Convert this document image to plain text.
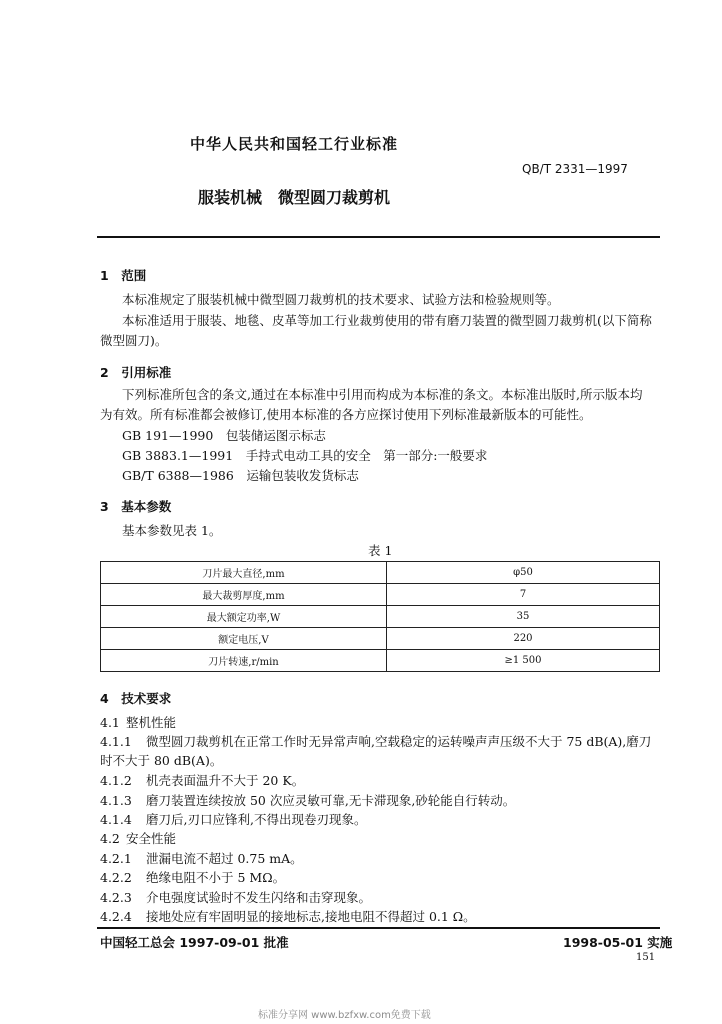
中华人民共和国轻工行业标准
QB/T 2331—1997
服装机械　微型圆刀裁剪机
1　范围
本标准规定了服装机械中微型圆刀裁剪机的技术要求、试验方法和检验规则等。
本标准适用于服装、地毯、皮革等加工行业裁剪使用的带有磨刀装置的微型圆刀裁剪机(以下简称
微型圆刀)。
2　引用标准
下列标准所包含的条文,通过在本标准中引用而构成为本标准的条文。本标准出版时,所示版本均
为有效。所有标准都会被修订,使用本标准的各方应探讨使用下列标准最新版本的可能性。
GB 191—1990　包装储运图示标志
GB 3883.1—1991　手持式电动工具的安全　第一部分:一般要求
GB/T 6388—1986　运输包装收发货标志
3　基本参数
基本参数见表 1。
表 1
刀片最大直径,mm	φ50
最大裁剪厚度,mm	7
最大额定功率,W	35
额定电压,V	220
刀片转速,r/min	≥1 500
4　技术要求
4.1 整机性能
4.1.1 微型圆刀裁剪机在正常工作时无异常声响,空载稳定的运转噪声声压级不大于 75 dB(A),磨刀
时不大于 80 dB(A)。
4.1.2 机壳表面温升不大于 20 K。
4.1.3 磨刀装置连续按放 50 次应灵敏可靠,无卡滞现象,砂轮能自行转动。
4.1.4 磨刀后,刃口应锋利,不得出现卷刃现象。
4.2 安全性能
4.2.1 泄漏电流不超过 0.75 mA。
4.2.2 绝缘电阻不小于 5 MΩ。
4.2.3 介电强度试验时不发生闪络和击穿现象。
4.2.4 接地处应有牢固明显的接地标志,接地电阻不得超过 0.1 Ω。
中国轻工总会 1997-09-01 批准	1998-05-01 实施
151
标准分享网 www.bzfxw.com免费下载
